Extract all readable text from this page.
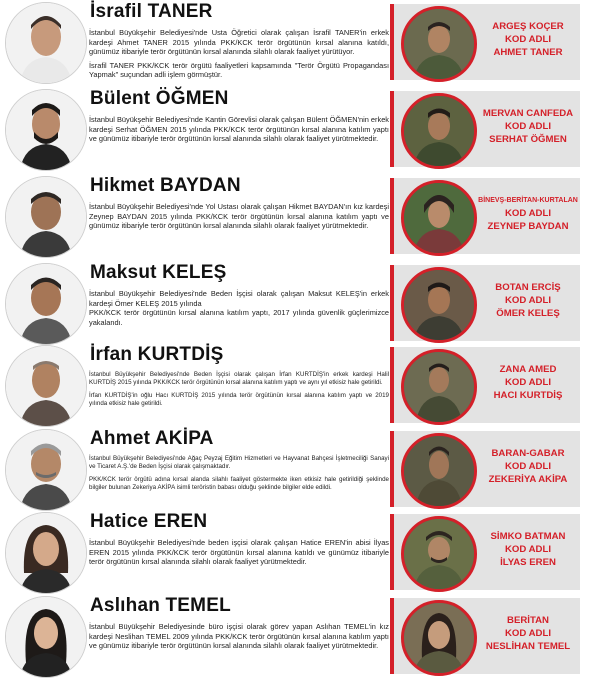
İsrafil TANER

İstanbul Büyükşehir Belediyesi'nde Usta Öğretici olarak çalışan İsrafil TANER'in erkek kardeşi Ahmet TANER 2015 yılında PKK/KCK terör örgütünün kırsal alanına katıldı, günümüz itibariyle terör örgütünün kırsal alanında silahlı olarak faaliyet yürütüyor.

İsrafil TANER PKK/KCK terör örgütü faaliyetleri kapsamında "Terör Örgütü Propagandası Yapmak" suçundan adli işlem görmüştür.

ARGEŞ KOÇER
KOD ADLI
AHMET TANER
Bülent ÖĞMEN

İstanbul Büyükşehir Belediyesi'nde Kantin Görevlisi olarak çalışan Bülent ÖĞMEN'nin erkek kardeşi Serhat ÖĞMEN 2015 yılında PKK/KCK terör örgütünün kırsal alanına katılım yaptı ve günümüz itibariyle terör örgütünün kırsal alanında silahlı olarak faaliyet yürütmektedir.

MERVAN CANFEDA
KOD ADLI
SERHAT ÖĞMEN
Hikmet BAYDAN

İstanbul Büyükşehir Belediyesi'nde Yol Ustası olarak çalışan Hikmet BAYDAN'ın kız kardeşi Zeynep BAYDAN 2015 yılında PKK/KCK terör örgütünün kırsal alanına katılım yaptı ve günümüz itibariyle terör örgütünün kırsal alanında silahlı olarak faaliyet yürütmektedir.

BİNEVŞ-BERİTAN-KURTALAN
KOD ADLI
ZEYNEP BAYDAN
Maksut KELEŞ

İstanbul Büyükşehir Belediyesi'nde Beden İşçisi olarak çalışan Maksut KELEŞ'in erkek kardeşi Ömer KELEŞ 2015 yılında

PKK/KCK terör örgütünün kırsal alanına katılım yaptı, 2017 yılında güvenlik güçlerimizce yakalandı.

BOTAN ERCİŞ
KOD ADLI
ÖMER KELEŞ
İrfan KURTDİŞ

İstanbul Büyükşehir Belediyesi'nde Beden İşçisi olarak çalışan İrfan KURTDİŞ'in erkek kardeşi Halil KURTDİŞ 2015 yılında PKK/KCK terör örgütünün kırsal alanına katılım yaptı ve aynı yıl etkisiz hale getirildi.

İrfan KURTDİŞ'in oğlu Hacı KURTDİŞ 2015 yılında terör örgütünün kırsal alanına katılım yaptı ve 2019 yılında etkisiz hale getirildi.

ZANA AMED
KOD ADLI
HACI KURTDİŞ
Ahmet AKİPA

İstanbul Büyükşehir Belediyesi'nde Ağaç Peyzaj Eğitim Hizmetleri ve Hayvanat Bahçesi İşletmeciliği Sanayi ve Ticaret A.Ş.'de Beden İşçisi olarak çalışmaktadır.

PKK/KCK terör örgütü adına kırsal alanda silahlı faaliyet göstermekte iken etkisiz hale getirildiği şeklinde bilgiler bulunan Zekeriya AKİPA isimli teröristin babası olduğu şeklinde bilgiler elde edildi.

BARAN-GABAR
KOD ADLI
ZEKERİYA AKİPA
Hatice EREN

İstanbul Büyükşehir Belediyesi'nde beden işçisi olarak çalışan Hatice EREN'in abisi İlyas EREN 2015 yılında PKK/KCK terör örgütünün kırsal alanına katıldı ve günümüz itibariyle terör örgütünün kırsal alanında silahlı olarak faaliyet yürütmektedir.

SİMKO BATMAN
KOD ADLI
İLYAS EREN
Aslıhan TEMEL

İstanbul Büyükşehir Belediyesinde büro işçisi olarak görev yapan Aslıhan TEMEL'in kız kardeşi Neslihan TEMEL 2009 yılında PKK/KCK terör örgütünün kırsal alanına katılım yaptı ve günümüz itibariyle terör örgütünün kırsal alanında silahlı olarak faaliyet yürütmektedir.

BERİTAN
KOD ADLI
NESLİHAN TEMEL
